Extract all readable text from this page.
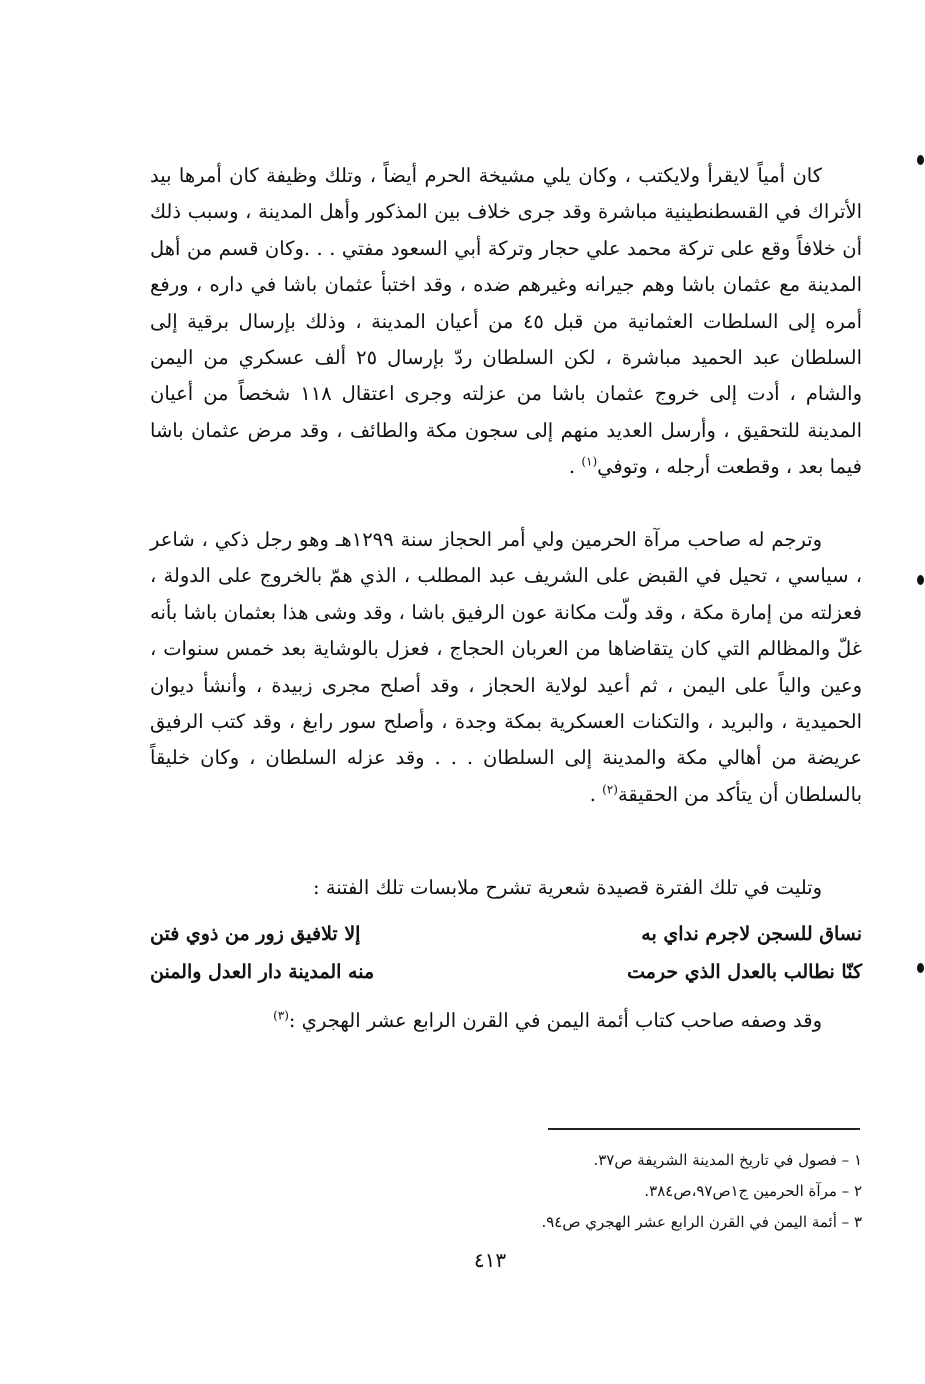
كان أمياً لايقرأ ولايكتب ، وكان يلي مشيخة الحرم أيضاً ، وتلك وظيفة كان أمرها بيد الأتراك في القسطنطينية مباشرة وقد جرى خلاف بين المذكور وأهل المدينة ، وسبب ذلك أن خلافاً وقع على تركة محمد علي حجار وتركة أبي السعود مفتي . . .وكان قسم من أهل المدينة مع عثمان باشا وهم جيرانه وغيرهم ضده ، وقد اختبأ عثمان باشا في داره ، ورفع أمره إلى السلطات العثمانية من قبل ٤٥ من أعيان المدينة ، وذلك بإرسال برقية إلى السلطان عبد الحميد مباشرة ، لكن السلطان ردّ بإرسال ٢٥ ألف عسكري من اليمن والشام ، أدت إلى خروج عثمان باشا من عزلته وجرى اعتقال ١١٨ شخصاً من أعيان المدينة للتحقيق ، وأرسل العديد منهم إلى سجون مكة والطائف ، وقد مرض عثمان باشا فيما بعد ، وقطعت أرجله ، وتوفي$^{(١)}$ .

وترجم له صاحب مرآة الحرمين ولي أمر الحجاز سنة ١٢٩٩هـ وهو رجل ذكي ، شاعر ، سياسي ، تحيل في القبض على الشريف عبد المطلب ، الذي همّ بالخروج على الدولة ، فعزلته من إمارة مكة ، وقد ولّت مكانة عون الرفيق باشا ، وقد وشى هذا بعثمان باشا بأنه غلّ والمظالم التي كان يتقاضاها من العربان الحجاج ، فعزل بالوشاية بعد خمس سنوات ، وعين والياً على اليمن ، ثم أعيد لولاية الحجاز ، وقد أصلح مجرى زبيدة ، وأنشأ ديوان الحميدية ، والبريد ، والتكنات العسكرية بمكة وجدة ، وأصلح سور رابغ ، وقد كتب الرفيق عريضة من أهالي مكة والمدينة إلى السلطان . . . وقد عزله السلطان ، وكان خليقاً بالسلطان أن يتأكد من الحقيقة$^{(٢)}$ .

وتليت في تلك الفترة قصيدة شعرية تشرح ملابسات تلك الفتنة :

نساق للسجن لاجرم نداي به
إلا تلافيق زور من ذوي فتن
كنّا نطالب بالعدل الذي حرمت
منه المدينة دار العدل والمنن

وقد وصفه صاحب كتاب أئمة اليمن في القرن الرابع عشر الهجري :$^{(٣)}$

١ – فصول في تاريخ المدينة الشريفة ص٣٧.
٢ – مرآة الحرمين ج١ص٩٧،ص٣٨٤.
٣ – أئمة اليمن في القرن الرابع عشر الهجري ص٩٤.
٤١٣
